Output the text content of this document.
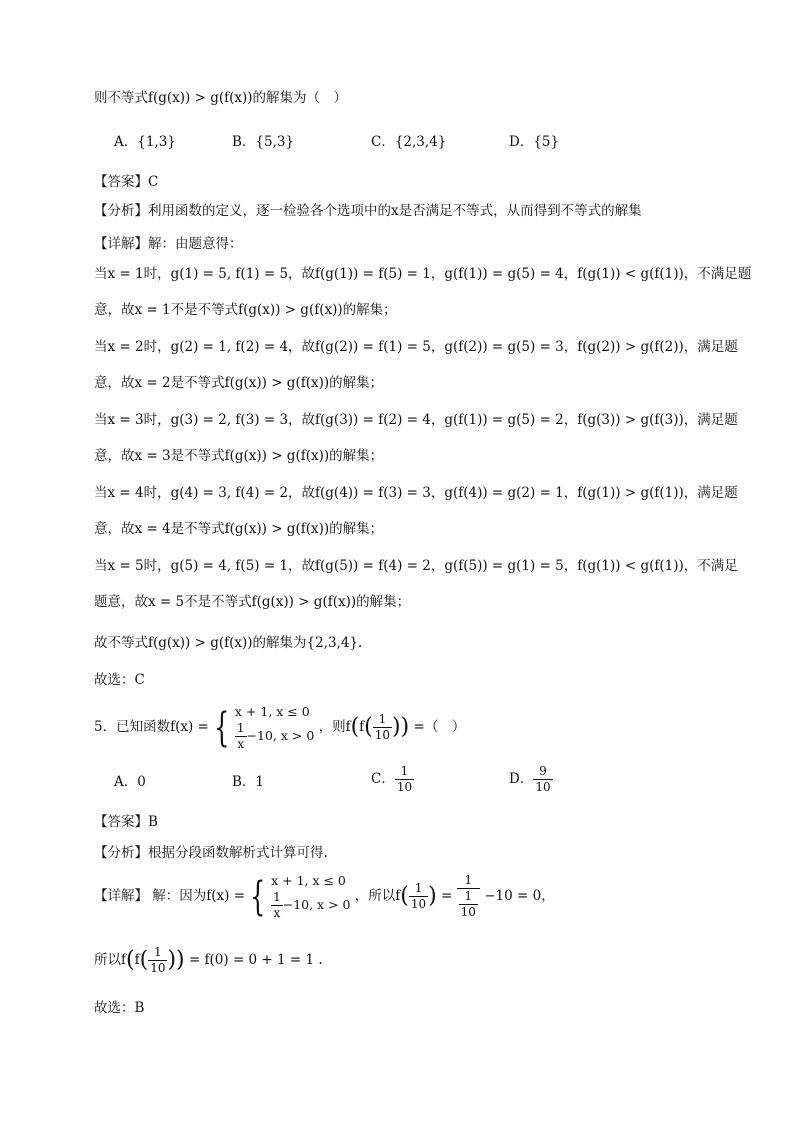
则不等式f(g(x)) > g(f(x))的解集为（　）
A．{1,3}	B．{5,3}	C．{2,3,4}	D．{5}
【答案】C
【分析】利用函数的定义，逐一检验各个选项中的x是否满足不等式，从而得到不等式的解集
【详解】解：由题意得：
当x = 1时，g(1) = 5, f(1) = 5，故f(g(1)) = f(5) = 1，g(f(1)) = g(5) = 4，f(g(1)) < g(f(1))，不满足题
意，故x = 1不是不等式f(g(x)) > g(f(x))的解集；
当x = 2时，g(2) = 1, f(2) = 4，故f(g(2)) = f(1) = 5，g(f(2)) = g(5) = 3，f(g(2)) > g(f(2))，满足题
意，故x = 2是不等式f(g(x)) > g(f(x))的解集；
当x = 3时，g(3) = 2, f(3) = 3，故f(g(3)) = f(2) = 4，g(f(1)) = g(5) = 2，f(g(3)) > g(f(3))，满足题
意，故x = 3是不等式f(g(x)) > g(f(x))的解集；
当x = 4时，g(4) = 3, f(4) = 2，故f(g(4)) = f(3) = 3，g(f(4)) = g(2) = 1，f(g(1)) > g(f(1))，满足题
意，故x = 4是不等式f(g(x)) > g(f(x))的解集；
当x = 5时，g(5) = 4, f(5) = 1，故f(g(5)) = f(4) = 2，g(f(5)) = g(1) = 5，f(g(1)) < g(f(1))，不满足
题意，故x = 5不是不等式f(g(x)) > g(f(x))的解集；
故不等式f(g(x)) > g(f(x))的解集为{2,3,4}.
故选：C
5．已知函数f(x) = { x + 1, x ≤ 0
$\frac{1}{x} -10$, x > 0
，则$f(f( \frac{1}{10}$ )) =（　）
A．0	B．1	C． $\frac{1}{10}$	D． $\frac{9}{10}$
【答案】B
【分析】根据分段函数解析式计算可得.
【详解】 解：因为f(x) = { x + 1, x ≤ 0
$\frac{1}{x} -10$, x > 0
，所以$f( \frac{1}{10}$ ) = $\frac{1}{\frac{1}{10}} -10 = 0$，
所以$f(f( \frac{1}{10}$ )) = f(0) = 0 + 1 = 1 .
故选：B
